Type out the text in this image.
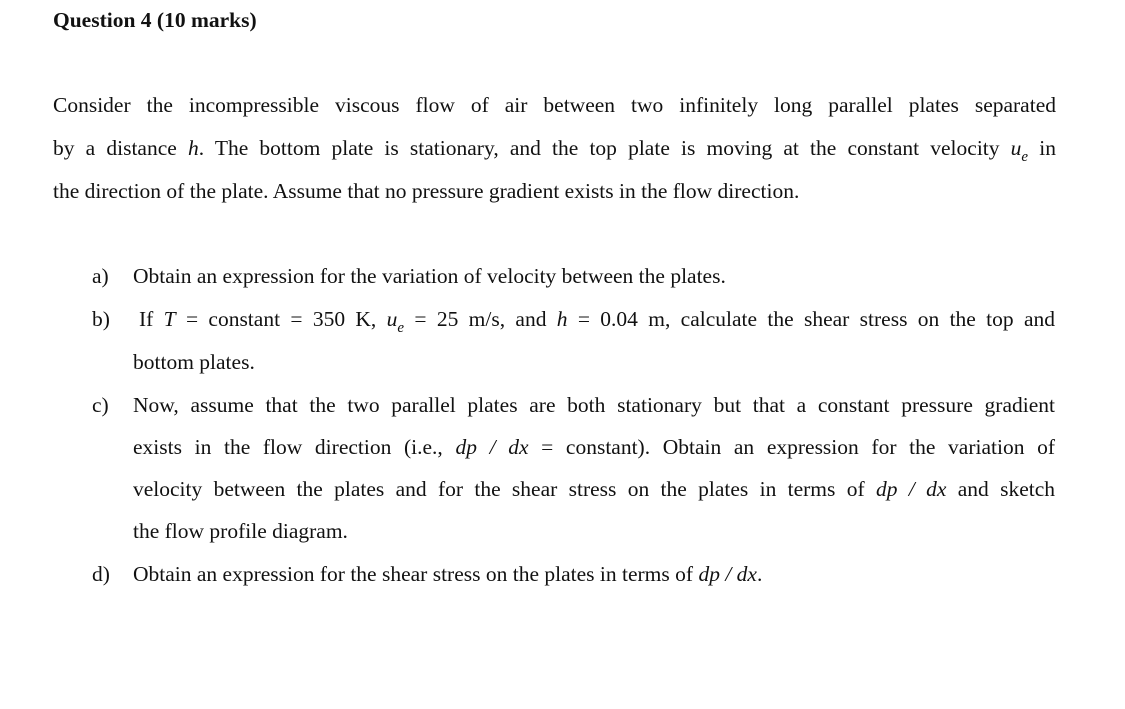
Question 4 (10 marks)
Consider the incompressible viscous flow of air between two infinitely long parallel plates separated
by a distance h. The bottom plate is stationary, and the top plate is moving at the constant velocity $u_e$ in
the direction of the plate. Assume that no pressure gradient exists in the flow direction.
a) Obtain an expression for the variation of velocity between the plates.
b) If T = constant = 350 K, $u_e = 25$ m/s, and h = 0.04 m, calculate the shear stress on the top and
bottom plates.
c) Now, assume that the two parallel plates are both stationary but that a constant pressure gradient
exists in the flow direction (i.e., dp / dx = constant). Obtain an expression for the variation of
velocity between the plates and for the shear stress on the plates in terms of dp / dx and sketch
the flow profile diagram.
d) Obtain an expression for the shear stress on the plates in terms of dp / dx.
